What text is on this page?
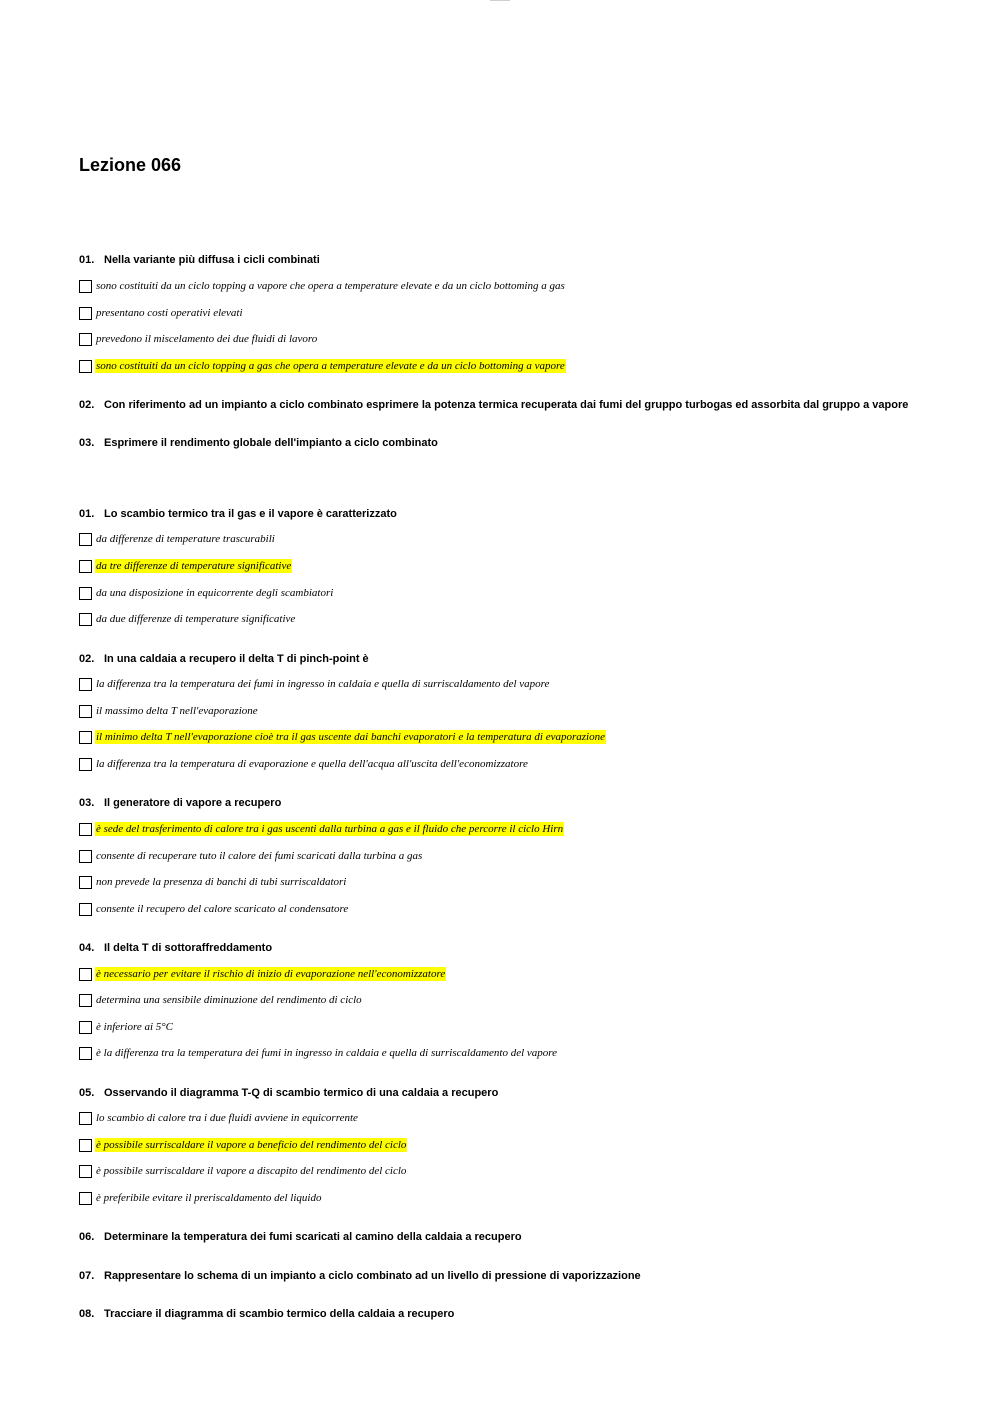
Lezione 066
01. Nella variante più diffusa i cicli combinati
sono costituiti da un ciclo topping a vapore che opera a temperature elevate e da un ciclo bottoming a gas
presentano costi operativi elevati
prevedono il miscelamento dei due fluidi di lavoro
sono costituiti da un ciclo topping a gas che opera a temperature elevate e da un ciclo bottoming a vapore
02. Con riferimento ad un impianto a ciclo combinato esprimere la potenza termica recuperata dai fumi del gruppo turbogas ed assorbita dal gruppo a vapore
03. Esprimere il rendimento globale dell'impianto a ciclo combinato
01. Lo scambio termico tra il gas e il vapore è caratterizzato
da differenze di temperature trascurabili
da tre differenze di temperature significative
da una disposizione in equicorrente degli scambiatori
da due differenze di temperature significative
02. In una caldaia a recupero il delta T di pinch-point è
la differenza tra la temperatura dei fumi in ingresso in caldaia e quella di surriscaldamento del vapore
il massimo delta T nell'evaporazione
il minimo delta T nell'evaporazione cioè tra il gas uscente dai banchi evaporatori e la temperatura di evaporazione
la differenza tra la temperatura di evaporazione e quella dell'acqua all'uscita dell'economizzatore
03. Il generatore di vapore a recupero
è sede del trasferimento di calore tra i gas uscenti dalla turbina a gas e il fluido che percorre il ciclo Hirn
consente di recuperare tuto il calore dei fumi scaricati dalla turbina a gas
non prevede la presenza di banchi di tubi surriscaldatori
consente il recupero del calore scaricato al condensatore
04. Il delta T di sottoraffreddamento
è necessario per evitare il rischio di inizio di evaporazione nell'economizzatore
determina una sensibile diminuzione del rendimento di ciclo
è inferiore ai 5°C
è la differenza tra la temperatura dei fumi in ingresso in caldaia e quella di surriscaldamento del vapore
05. Osservando il diagramma T-Q di scambio termico di una caldaia a recupero
lo scambio di calore tra i due fluidi avviene in equicorrente
è possibile surriscaldare il vapore a beneficio del rendimento del ciclo
è possibile surriscaldare il vapore a discapito del rendimento del ciclo
è preferibile evitare il preriscaldamento del liquido
06. Determinare la temperatura dei fumi scaricati al camino della caldaia a recupero
07. Rappresentare lo schema di un impianto a ciclo combinato ad un livello di pressione di vaporizzazione
08. Tracciare il diagramma di scambio termico della caldaia a recupero
